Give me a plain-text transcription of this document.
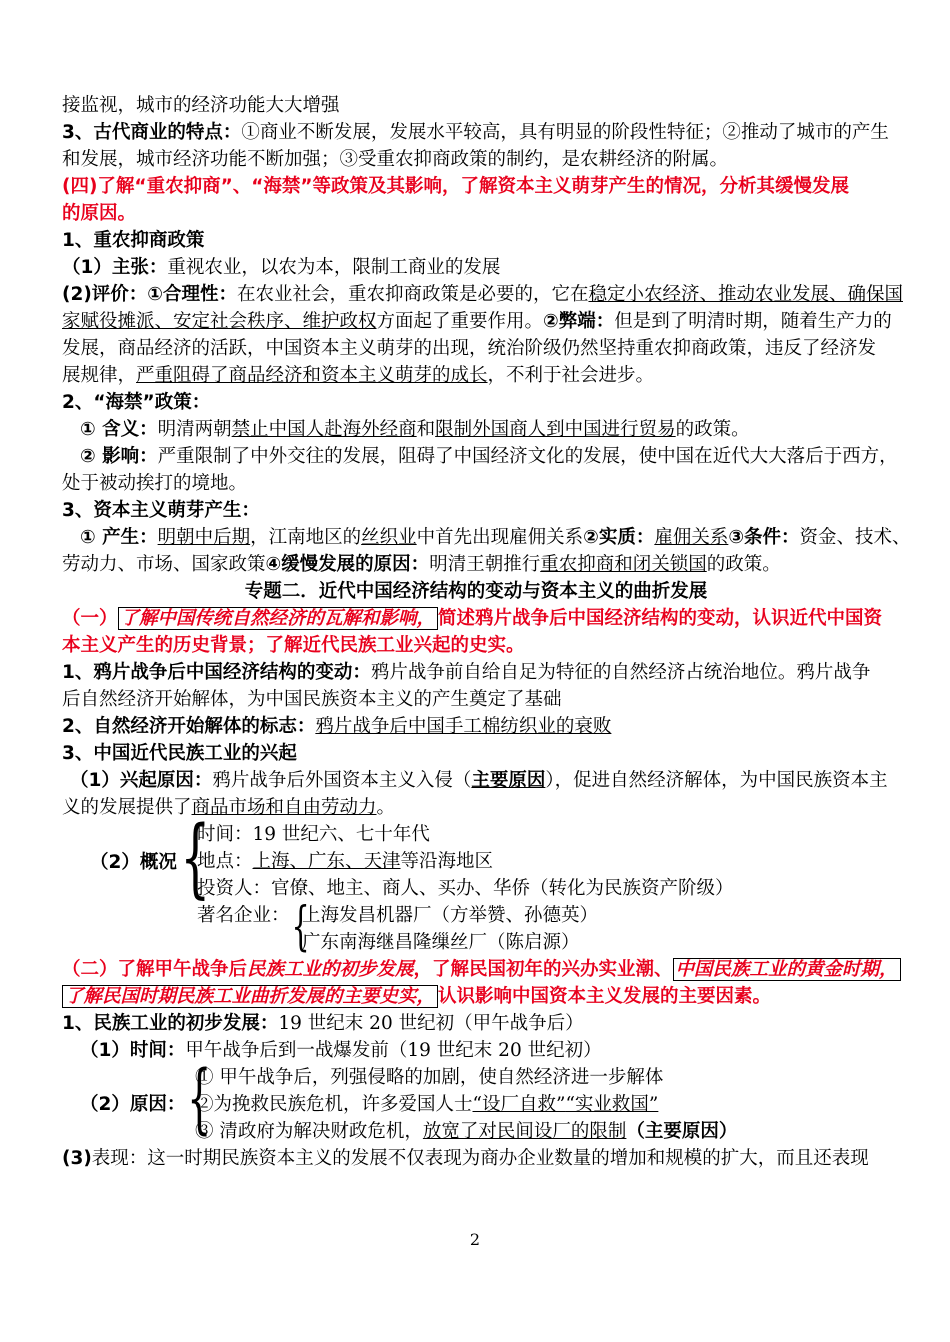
接监视，城市的经济功能大大增强
3、古代商业的特点：①商业不断发展，发展水平较高，具有明显的阶段性特征；②推动了城市的产生
和发展，城市经济功能不断加强；③受重农抑商政策的制约，是农耕经济的附属。
(四)了解“重农抑商”、“海禁”等政策及其影响，了解资本主义萌芽产生的情况，分析其缓慢发展
的原因。
1、重农抑商政策
（1）主张：重视农业，以农为本，限制工商业的发展
(2)评价：①合理性：在农业社会，重农抑商政策是必要的，它在稳定小农经济、推动农业发展、确保国
家赋役摊派、安定社会秩序、维护政权方面起了重要作用。②弊端：但是到了明清时期，随着生产力的
发展，商品经济的活跃，中国资本主义萌芽的出现，统治阶级仍然坚持重农抑商政策，违反了经济发
展规律，严重阻碍了商品经济和资本主义萌芽的成长，不利于社会进步。
2、“海禁”政策：
① 含义：明清两朝禁止中国人赴海外经商和限制外国商人到中国进行贸易的政策。
② 影响：严重限制了中外交往的发展，阻碍了中国经济文化的发展，使中国在近代大大落后于西方，
处于被动挨打的境地。
3、资本主义萌芽产生：
① 产生：明朝中后期，江南地区的丝织业中首先出现雇佣关系②实质：雇佣关系③条件：资金、技术、
劳动力、市场、国家政策④缓慢发展的原因：明清王朝推行重农抑商和闭关锁国的政策。
专题二．近代中国经济结构的变动与资本主义的曲折发展
（一） 了解中国传统自然经济的瓦解和影响， 简述鸦片战争后中国经济结构的变动，认识近代中国资
本主义产生的历史背景；了解近代民族工业兴起的史实。
1、鸦片战争后中国经济结构的变动：鸦片战争前自给自足为特征的自然经济占统治地位。鸦片战争
后自然经济开始解体，为中国民族资本主义的产生奠定了基础
2、自然经济开始解体的标志：鸦片战争后中国手工棉纺织业的衰败
3、中国近代民族工业的兴起
（1）兴起原因：鸦片战争后外国资本主义入侵（主要原因），促进自然经济解体，为中国民族资本主
义的发展提供了商品市场和自由劳动力。
（2）概况 {
时间：19 世纪六、七十年代
地点：上海、广东、天津等沿海地区
投资人：官僚、地主、商人、买办、华侨（转化为民族资产阶级）
著名企业： {
上海发昌机器厂（方举赞、孙德英）
广东南海继昌隆缫丝厂（陈启源）
（二）了解甲午战争后民族工业的初步发展，了解民国初年的兴办实业潮、 中国民族工业的黄金时期，
了解民国时期民族工业曲折发展的主要史实， 认识影响中国资本主义发展的主要因素。
1、民族工业的初步发展：19 世纪末 20 世纪初（甲午战争后）
（1）时间：甲午战争后到一战爆发前（19 世纪末 20 世纪初）
（2）原因： {
① 甲午战争后，列强侵略的加剧，使自然经济进一步解体
②为挽救民族危机，许多爱国人士“设厂自救”“实业救国”
③ 清政府为解决财政危机，放宽了对民间设厂的限制（主要原因）
(3)表现：这一时期民族资本主义的发展不仅表现为商办企业数量的增加和规模的扩大，而且还表现
2
